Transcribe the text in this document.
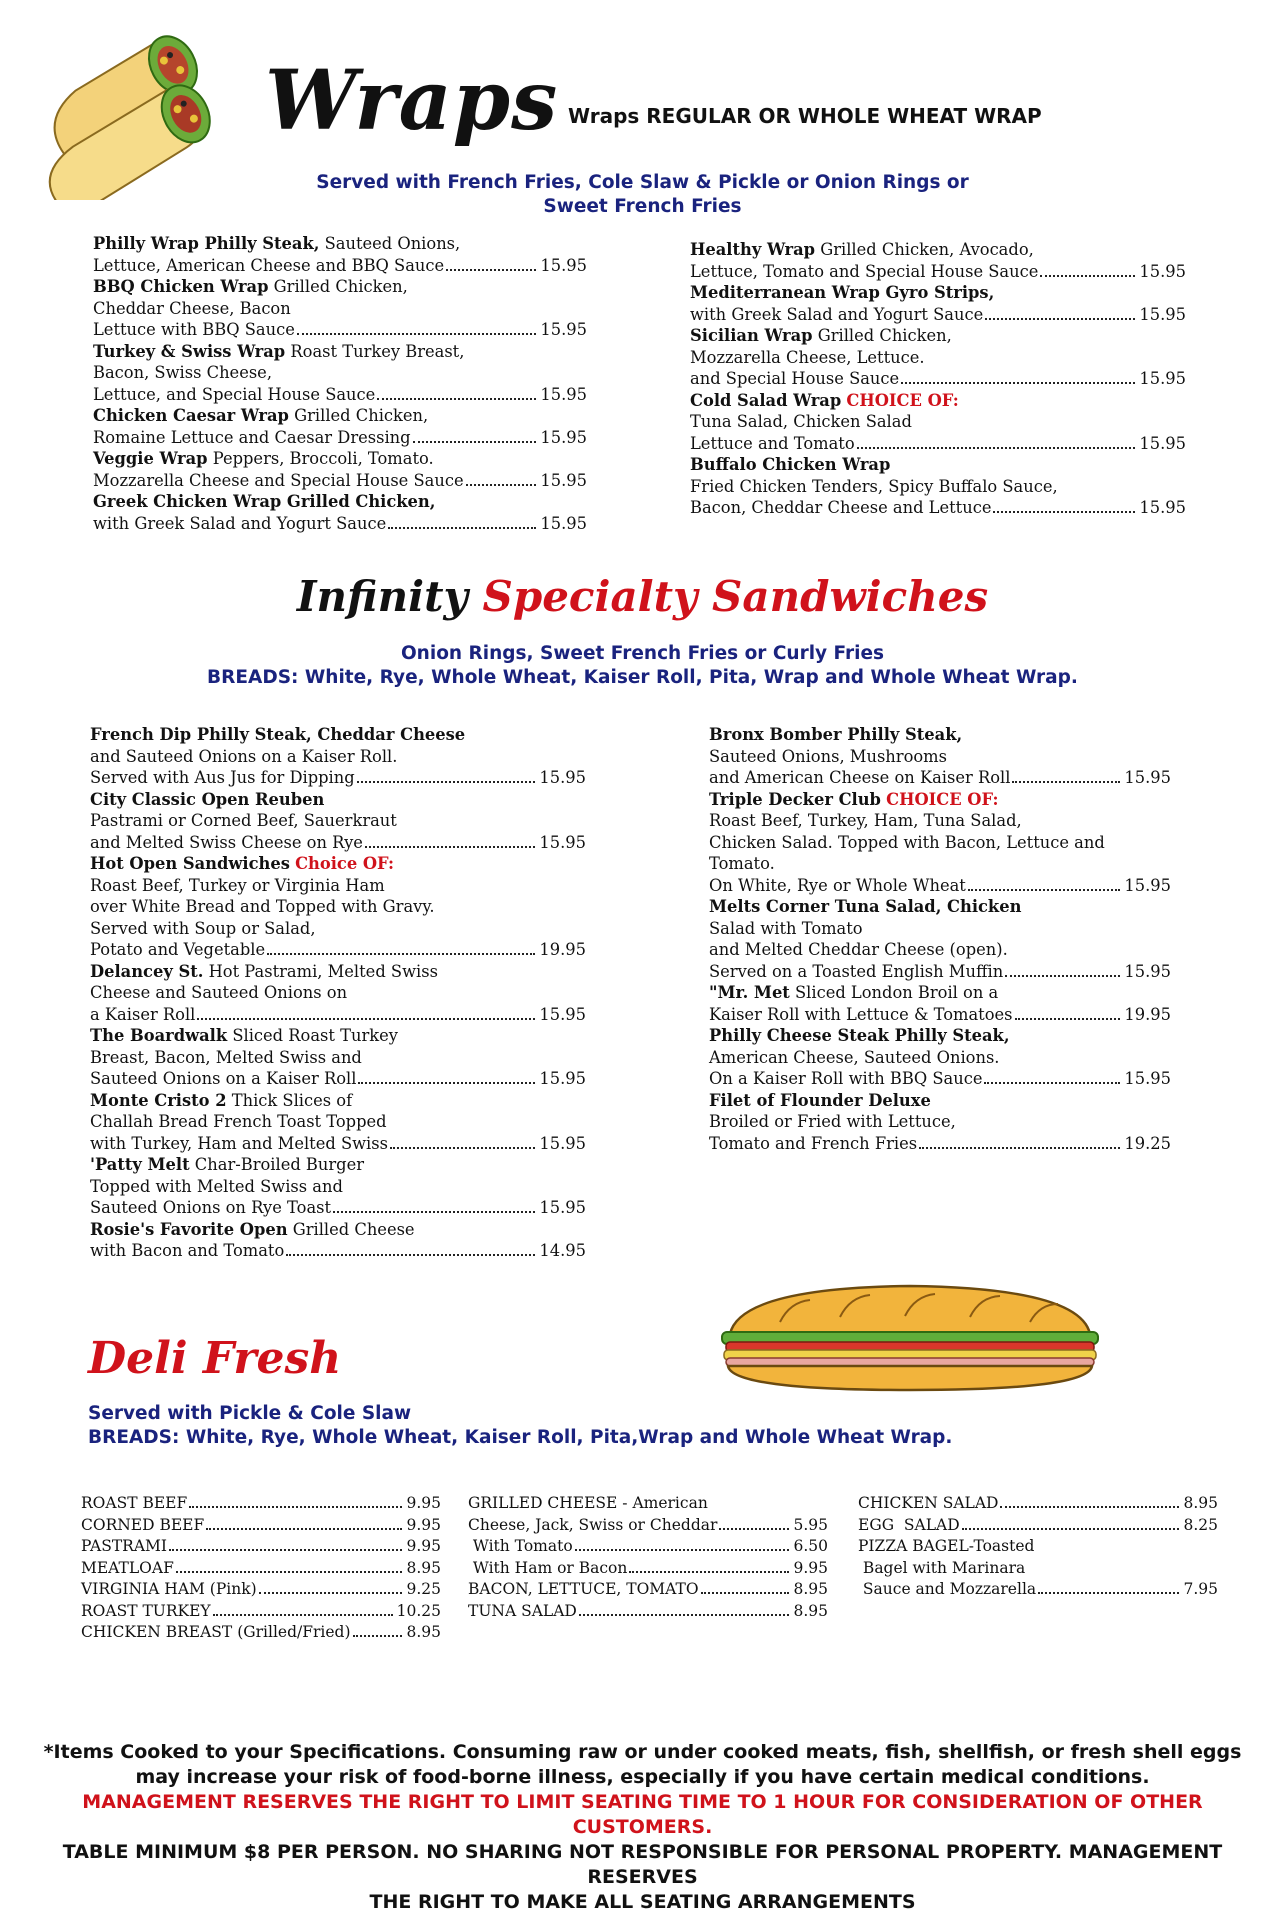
Wraps Wraps REGULAR OR WHOLE WHEAT WRAP
Served with French Fries, Cole Slaw & Pickle or Onion Rings or
Sweet French Fries
Philly Wrap Philly Steak, Sauteed Onions,
Lettuce, American Cheese and BBQ Sauce	15.95
BBQ Chicken Wrap Grilled Chicken,
Cheddar Cheese, Bacon
Lettuce with BBQ Sauce	15.95
Turkey & Swiss Wrap Roast Turkey Breast,
Bacon, Swiss Cheese,
Lettuce, and Special House Sauce	15.95
Chicken Caesar Wrap Grilled Chicken,
Romaine Lettuce and Caesar Dressing	15.95
Veggie Wrap Peppers, Broccoli, Tomato.
Mozzarella Cheese and Special House Sauce	15.95
Greek Chicken Wrap Grilled Chicken,
with Greek Salad and Yogurt Sauce	15.95
Healthy Wrap Grilled Chicken, Avocado,
Lettuce, Tomato and Special House Sauce	15.95
Mediterranean Wrap Gyro Strips,
with Greek Salad and Yogurt Sauce	15.95
Sicilian Wrap Grilled Chicken,
Mozzarella Cheese, Lettuce.
and Special House Sauce	15.95
Cold Salad Wrap CHOICE OF:
Tuna Salad, Chicken Salad
Lettuce and Tomato	15.95
Buffalo Chicken Wrap
Fried Chicken Tenders, Spicy Buffalo Sauce,
Bacon, Cheddar Cheese and Lettuce	15.95
Infinity Specialty Sandwiches
Onion Rings, Sweet French Fries or Curly Fries
BREADS: White, Rye, Whole Wheat, Kaiser Roll, Pita, Wrap and Whole Wheat Wrap.
French Dip Philly Steak, Cheddar Cheese
and Sauteed Onions on a Kaiser Roll.
Served with Aus Jus for Dipping	15.95
City Classic Open Reuben
Pastrami or Corned Beef, Sauerkraut
and Melted Swiss Cheese on Rye	15.95
Hot Open Sandwiches Choice OF:
Roast Beef, Turkey or Virginia Ham
over White Bread and Topped with Gravy.
Served with Soup or Salad,
Potato and Vegetable	19.95
Delancey St. Hot Pastrami, Melted Swiss
Cheese and Sauteed Onions on
a Kaiser Roll	15.95
The Boardwalk Sliced Roast Turkey
Breast, Bacon, Melted Swiss and
Sauteed Onions on a Kaiser Roll	15.95
Monte Cristo 2 Thick Slices of
Challah Bread French Toast Topped
with Turkey, Ham and Melted Swiss	15.95
'Patty Melt Char-Broiled Burger
Topped with Melted Swiss and
Sauteed Onions on Rye Toast	15.95
Rosie's Favorite Open Grilled Cheese
with Bacon and Tomato	14.95
Bronx Bomber Philly Steak,
Sauteed Onions, Mushrooms
and American Cheese on Kaiser Roll	15.95
Triple Decker Club CHOICE OF:
Roast Beef, Turkey, Ham, Tuna Salad,
Chicken Salad. Topped with Bacon, Lettuce and Tomato.
On White, Rye or Whole Wheat	15.95
Melts Corner Tuna Salad, Chicken
Salad with Tomato
and Melted Cheddar Cheese (open).
Served on a Toasted English Muffin	15.95
"Mr. Met Sliced London Broil on a
Kaiser Roll with Lettuce & Tomatoes	19.95
Philly Cheese Steak Philly Steak,
American Cheese, Sauteed Onions.
On a Kaiser Roll with BBQ Sauce	15.95
Filet of Flounder Deluxe
Broiled or Fried with Lettuce,
Tomato and French Fries	19.25
Deli Fresh
Served with Pickle & Cole Slaw
BREADS: White, Rye, Whole Wheat, Kaiser Roll, Pita,Wrap and Whole Wheat Wrap.
ROAST BEEF	9.95
CORNED BEEF	9.95
PASTRAMI	9.95
MEATLOAF	8.95
VIRGINIA HAM (Pink)	9.25
ROAST TURKEY	10.25
CHICKEN BREAST (Grilled/Fried)	8.95
GRILLED CHEESE - American
Cheese, Jack, Swiss or Cheddar	5.95
With Tomato	6.50
With Ham or Bacon	9.95
BACON, LETTUCE, TOMATO	8.95
TUNA SALAD	8.95
CHICKEN SALAD	8.95
EGG  SALAD	8.25
PIZZA BAGEL-Toasted
Bagel with Marinara
Sauce and Mozzarella	7.95
*Items Cooked to your Specifications. Consuming raw or under cooked meats, fish, shellfish, or fresh shell eggs
may increase your risk of food-borne illness, especially if you have certain medical conditions.
MANAGEMENT RESERVES THE RIGHT TO LIMIT SEATING TIME TO 1 HOUR FOR CONSIDERATION OF OTHER CUSTOMERS.
TABLE MINIMUM $8 PER PERSON. NO SHARING NOT RESPONSIBLE FOR PERSONAL PROPERTY. MANAGEMENT RESERVES
THE RIGHT TO MAKE ALL SEATING ARRANGEMENTS
